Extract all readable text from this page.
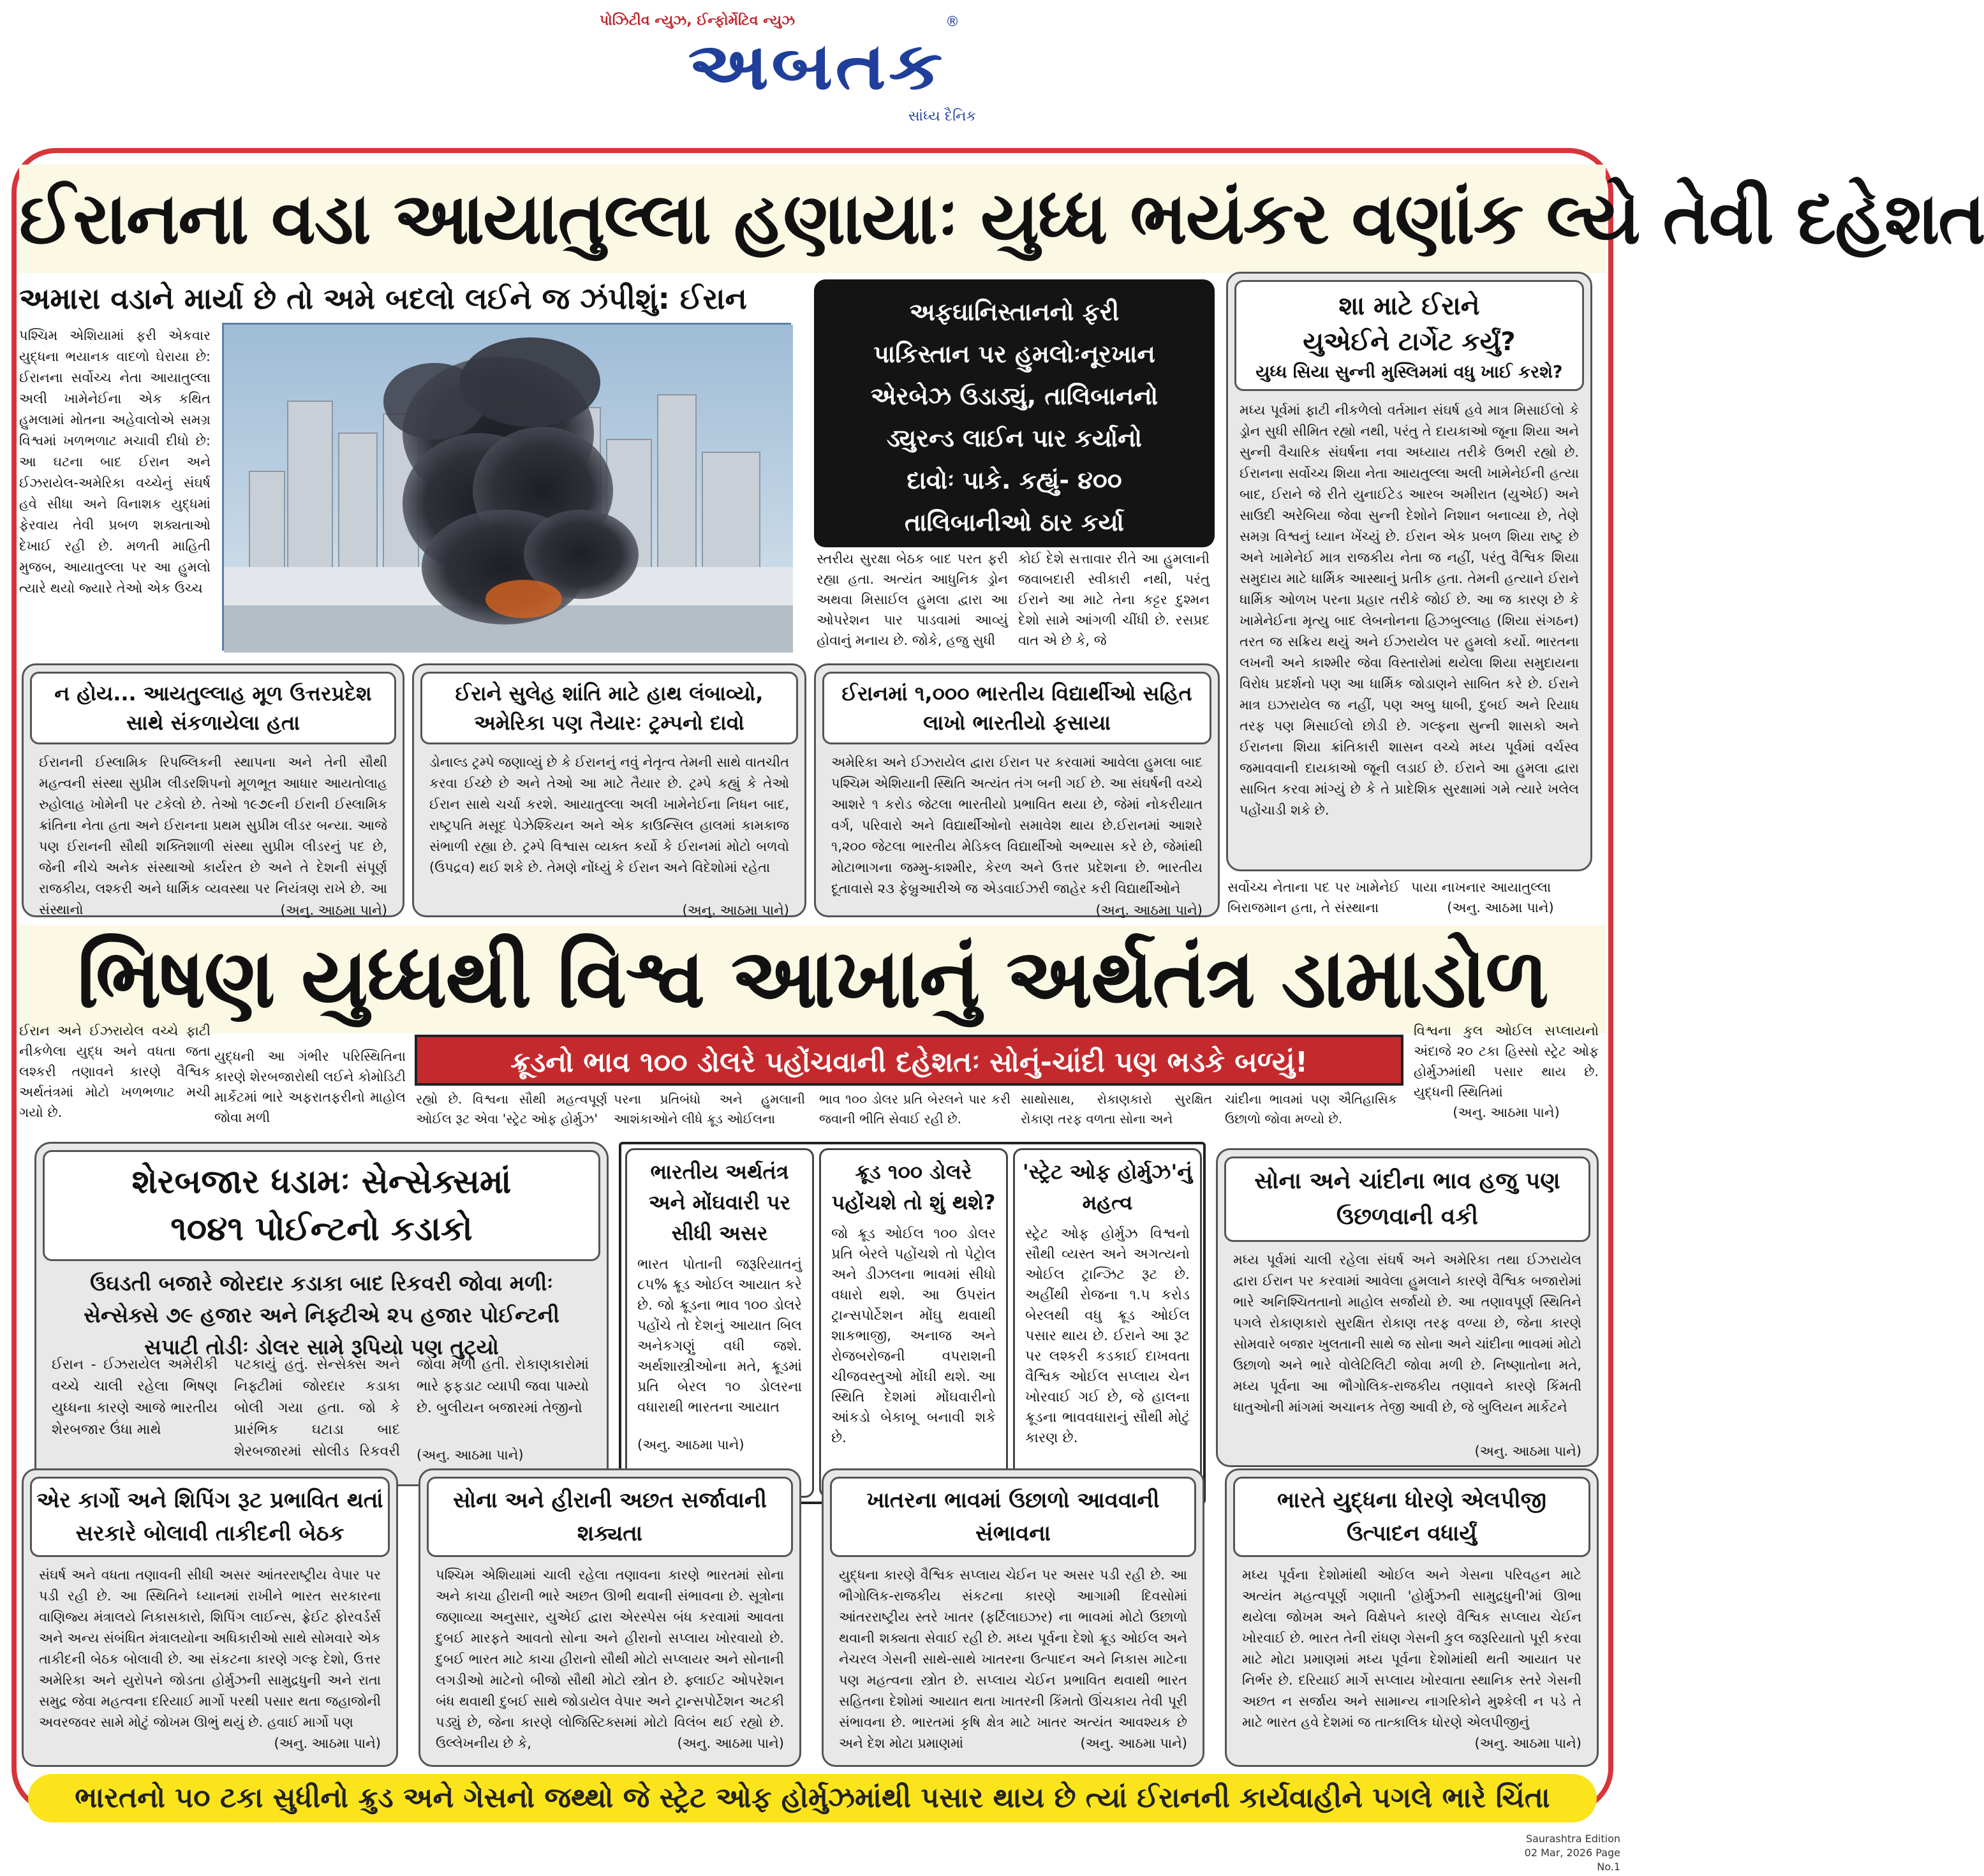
પોઝિટીવ ન્યુઝ, ઈન્ફોર્મેટિવ ન્યુઝ
અબતક
®
સાંધ્ય દૈનિક
ઈરાનના વડા આયાતુલ્લા હણાયાઃ યુધ્ધ ભયંકર વણાંક લ્યે તેવી દહેશત
અમારા વડાને માર્યા છે તો અમે બદલો લઈને જ ઝંપીશું: ઈરાન
પશ્ચિમ એશિયામાં ફરી એકવાર યુદ્ધના ભયાનક વાદળો ઘેરાયા છે: ઈરાનના સર્વોચ્ચ નેતા આયાતુલ્લા અલી ખામેનેઈના એક કથિત હુમલામાં મોતના અહેવાલોએ સમગ્ર વિશ્વમાં ખળભળાટ મચાવી દીધો છે: આ ઘટના બાદ ઈરાન અને ઈઝરાયેલ-અમેરિકા વચ્ચેનું સંઘર્ષ હવે સીધા અને વિનાશક યુદ્ધમાં ફેરવાય તેવી પ્રબળ શક્યતાઓ દેખાઈ રહી છે. મળતી માહિતી મુજબ, આયાતુલ્લા પર આ હુમલો ત્યારે થયો જ્યારે તેઓ એક ઉચ્ચ
અફઘાનિસ્તાનનો ફરી
પાકિસ્તાન પર હુમલોઃનૂરખાન
એરબેઝ ઉડાડ્યું, તાલિબાનનો
ડ્યુરન્ડ લાઈન પાર કર્યાનો
દાવોઃ પાકે. કહ્યું- ૪૦૦
તાલિબાનીઓ ઠાર કર્યા
સ્તરીય સુરક્ષા બેઠક બાદ પરત ફરી રહ્યા હતા. અત્યંત આધુનિક ડ્રોન અથવા મિસાઈલ હુમલા દ્વારા આ ઓપરેશન પાર પાડવામાં આવ્યું હોવાનું મનાય છે. જોકે, હજુ સુધી
કોઈ દેશે સત્તાવાર રીતે આ હુમલાની જવાબદારી સ્વીકારી નથી, પરંતુ ઈરાને આ માટે તેના કટ્ટર દુશ્મન દેશો સામે આંગળી ચીંધી છે. રસપ્રદ વાત એ છે કે, જે
શા માટે ઈરાને
યુએઈને ટાર્ગેટ કર્યું?
યુધ્ધ સિયા સુન્ની મુસ્લિમમાં વધુ ખાઈ કરશે?
મધ્ય પૂર્વમાં ફાટી નીકળેલો વર્તમાન સંઘર્ષ હવે માત્ર મિસાઈલો કે ડ્રોન સુધી સીમિત રહ્યો નથી, પરંતુ તે દાયકાઓ જૂના શિયા અને સુન્ની વૈચારિક સંઘર્ષના નવા અધ્યાય તરીકે ઉભરી રહ્યો છે. ઈરાનના સર્વોચ્ચ શિયા નેતા આયતુલ્લા અલી ખામેનેઈની હત્યા બાદ, ઈરાને જે રીતે યુનાઈટેડ આરબ અમીરાત (યુએઈ) અને સાઉદી અરેબિયા જેવા સુન્ની દેશોને નિશાન બનાવ્યા છે, તેણે સમગ્ર વિશ્વનું ધ્યાન ખેંચ્યું છે. ઈરાન એક પ્રબળ શિયા રાષ્ટ્ર છે અને ખામેનેઈ માત્ર રાજકીય નેતા જ નહીં, પરંતુ વૈશ્વિક શિયા સમુદાય માટે ધાર્મિક આસ્થાનું પ્રતીક હતા. તેમની હત્યાને ઈરાને ધાર્મિક ઓળખ પરના પ્રહાર તરીકે જોઈ છે. આ જ કારણ છે કે ખામેનેઈના મૃત્યુ બાદ લેબનોનના હિઝબુલ્લાહ (શિયા સંગઠન) તરત જ સક્રિય થયું અને ઈઝરાયેલ પર હુમલો કર્યો. ભારતના લખનૌ અને કાશ્મીર જેવા વિસ્તારોમાં થયેલા શિયા સમુદાયના વિરોધ પ્રદર્શનો પણ આ ધાર્મિક જોડાણને સાબિત કરે છે. ઈરાને માત્ર ઇઝરાયેલ જ નહીં, પણ અબુ ધાબી, દુબઈ અને રિયાધ તરફ પણ મિસાઈલો છોડી છે. ગલ્ફના સુન્ની શાસકો અને ઈરાનના શિયા ક્રાંતિકારી શાસન વચ્ચે મધ્ય પૂર્વમાં વર્ચસ્વ જમાવવાની દાયકાઓ જૂની લડાઈ છે. ઈરાને આ હુમલા દ્વારા સાબિત કરવા માંગ્યું છે કે તે પ્રાદેશિક સુરક્ષામાં ગમે ત્યારે ખલેલ પહોંચાડી શકે છે.
સર્વોચ્ચ નેતાના પદ પર ખામેનેઈ બિરાજમાન હતા, તે સંસ્થાના
પાયા નાખનાર આયાતુલ્લા
(અનુ. આઠમા પાને)
ન હોય... આયતુલ્લાહ મૂળ ઉત્તરપ્રદેશ સાથે સંકળાયેલા હતા
ઈરાનની ઈસ્લામિક રિપબ્લિકની સ્થાપના અને તેની સૌથી મહત્વની સંસ્થા સુપ્રીમ લીડરશિપનો મૂળભૂત આધાર આયતોલાહ રુહોલાહ ખોમેની પર ટકેલો છે. તેઓ ૧૯૭૯ની ઈરાની ઈસ્લામિક ક્રાંતિના નેતા હતા અને ઈરાનના પ્રથમ સુપ્રીમ લીડર બન્યા. આજે પણ ઈરાનની સૌથી શક્તિશાળી સંસ્થા સુપ્રીમ લીડરનું પદ છે, જેની નીચે અનેક સંસ્થાઓ કાર્યરત છે અને તે દેશની સંપૂર્ણ રાજકીય, લશ્કરી અને ધાર્મિક વ્યવસ્થા પર નિયંત્રણ રાખે છે. આ સંસ્થાનો	(અનુ. આઠમા પાને)
ઈરાને સુલેહ શાંતિ માટે હાથ લંબાવ્યો, અમેરિકા પણ તૈયારઃ ટ્રમ્પનો દાવો
ડોનાલ્ડ ટ્રમ્પે જણાવ્યું છે કે ઈરાનનું નવું નેતૃત્વ તેમની સાથે વાતચીત કરવા ઈચ્છે છે અને તેઓ આ માટે તૈયાર છે. ટ્રમ્પે કહ્યું કે તેઓ ઈરાન સાથે ચર્ચા કરશે. આયાતુલ્લા અલી ખામેનેઈના નિધન બાદ, રાષ્ટ્રપતિ મસૂદ પેઝેશ્કિયન અને એક કાઉન્સિલ હાલમાં કામકાજ સંભાળી રહ્યા છે. ટ્રમ્પે વિશ્વાસ વ્યક્ત કર્યો કે ઈરાનમાં મોટો બળવો (ઉપદ્રવ) થઈ શકે છે. તેમણે નોંધ્યું કે ઈરાન અને વિદેશોમાં રહેતા
(અનુ. આઠમા પાને)
ઈરાનમાં ૧,૦૦૦ ભારતીય વિદ્યાર્થીઓ સહિત લાખો ભારતીયો ફસાયા
અમેરિકા અને ઈઝરાયેલ દ્વારા ઈરાન પર કરવામાં આવેલા હુમલા બાદ પશ્ચિમ એશિયાની સ્થિતિ અત્યંત તંગ બની ગઈ છે. આ સંઘર્ષની વચ્ચે આશરે ૧ કરોડ જેટલા ભારતીયો પ્રભાવિત થયા છે, જેમાં નોકરીયાત વર્ગ, પરિવારો અને વિદ્યાર્થીઓનો સમાવેશ થાય છે.ઈરાનમાં આશરે ૧,૨૦૦ જેટલા ભારતીય મેડિકલ વિદ્યાર્થીઓ અભ્યાસ કરે છે, જેમાંથી મોટાભાગના જમ્મુ-કાશ્મીર, કેરળ અને ઉત્તર પ્રદેશના છે. ભારતીય દૂતાવાસે ૨૩ ફેબ્રુઆરીએ જ એડવાઈઝરી જાહેર કરી વિદ્યાર્થીઓને
(અનુ. આઠમા પાને)
ભિષણ યુધ્ધથી વિશ્વ આખાનું અર્થતંત્ર ડામાડોળ
ક્રૂડનો ભાવ ૧૦૦ ડોલરે પહોંચવાની દહેશતઃ સોનું-ચાંદી પણ ભડકે બળ્યું!
ઈરાન અને ઈઝરાયેલ વચ્ચે ફાટી નીકળેલા યુદ્ધ અને વધતા જતા લશ્કરી તણાવને કારણે વૈશ્વિક અર્થતંત્રમાં મોટો ખળભળાટ મચી ગયો છે.
યુદ્ધની આ ગંભીર પરિસ્થિતિના કારણે શેરબજારોથી લઈને કોમોડિટી માર્કેટમાં ભારે અફરાતફરીનો માહોલ જોવા મળી
રહ્યો છે. વિશ્વના સૌથી મહત્વપૂર્ણ ઓઈલ રૂટ એવા 'સ્ટ્રેટ ઓફ હોર્મુઝ'
પરના પ્રતિબંધો અને હુમલાની આશંકાઓને લીધે ક્રૂડ ઓઈલના
ભાવ ૧૦૦ ડોલર પ્રતિ બેરલને પાર કરી જવાની ભીતિ સેવાઈ રહી છે.
સાથોસાથ, રોકાણકારો સુરક્ષિત રોકાણ તરફ વળતા સોના અને
ચાંદીના ભાવમાં પણ ઐતિહાસિક ઉછાળો જોવા મળ્યો છે.
વિશ્વના કુલ ઓઈલ સપ્લાયનો અંદાજે ૨૦ ટકા હિસ્સો સ્ટ્રેટ ઓફ હોર્મુઝમાંથી પસાર થાય છે. યુદ્ધની સ્થિતિમાં
(અનુ. આઠમા પાને)
શેરબજાર ધડામઃ સેન્સેક્સમાં
૧૦૪૧ પોઈન્ટનો કડાકો
ઉઘડતી બજારે જોરદાર કડાકા બાદ રિકવરી જોવા મળીઃ સેન્સેક્સે ૭૯ હજાર અને નિફ્ટીએ ૨૫ હજાર પોઈન્ટની સપાટી તોડીઃ ડોલર સામે રૂપિયો પણ તુટ્યો
ઈરાન - ઈઝરાયેલ અમેરીકી વચ્ચે ચાલી રહેલા ભિષણ યુધ્ધના કારણે આજે ભારતીય શેરબજાર ઉંધા માથે
પટકાયું હતું. સેન્સેક્સ અને નિફ્ટીમાં જોરદાર કડાકા બોલી ગયા હતા. જો કે પ્રારંભિક ઘટાડા બાદ શેરબજારમાં સોલીડ રિકવરી
જોવા મળી હતી. રોકાણકારોમાં ભારે ફફડાટ વ્યાપી જવા પામ્યો છે. બુલીયન બજારમાં તેજીનો
(અનુ. આઠમા પાને)
ભારતીય અર્થતંત્ર અને મોંઘવારી પર સીધી અસર
ભારત પોતાની જરૂરિયાતનું ૮૫% ક્રૂડ ઓઈલ આયાત કરે છે. જો ક્રૂડના ભાવ ૧૦૦ ડોલરે પહોંચે તો દેશનું આયાત બિલ અનેકગણું વધી જશે. અર્થશાસ્ત્રીઓના મતે, ક્રૂડમાં પ્રતિ બેરલ ૧૦ ડોલરના વધારાથી ભારતના આયાત
(અનુ. આઠમા પાને)
ક્રૂડ ૧૦૦ ડોલરે પહોંચશે તો શું થશે?
જો ક્રૂડ ઓઈલ ૧૦૦ ડોલર પ્રતિ બેરલે પહોંચશે તો પેટ્રોલ અને ડીઝલના ભાવમાં સીધો વધારો થશે. આ ઉપરાંત ટ્રાન્સપોર્ટેશન મોંઘુ થવાથી શાકભાજી, અનાજ અને રોજબરોજની વપરાશની ચીજવસ્તુઓ મોંઘી થશે. આ સ્થિતિ દેશમાં મોંઘવારીનો આંકડો બેકાબૂ બનાવી શકે છે.
'સ્ટ્રેટ ઓફ હોર્મુઝ'નું મહત્વ
સ્ટ્રેટ ઓફ હોર્મુઝ વિશ્વનો સૌથી વ્યસ્ત અને અગત્યનો ઓઈલ ટ્રાન્ઝિટ રૂટ છે. અહીંથી રોજના ૧.૫ કરોડ બેરલથી વધુ ક્રૂડ ઓઈલ પસાર થાય છે. ઈરાને આ રૂટ પર લશ્કરી કડકાઈ દાખવતા વૈશ્વિક ઓઈલ સપ્લાય ચેન ખોરવાઈ ગઈ છે, જે હાલના ક્રૂડના ભાવવધારાનું સૌથી મોટું કારણ છે.
સોના અને ચાંદીના ભાવ હજુ પણ ઉછળવાની વકી
મધ્ય પૂર્વમાં ચાલી રહેલા સંઘર્ષ અને અમેરિકા તથા ઈઝરાયેલ દ્વારા ઈરાન પર કરવામાં આવેલા હુમલાને કારણે વૈશ્વિક બજારોમાં ભારે અનિશ્ચિતતાનો માહોલ સર્જાયો છે. આ તણાવપૂર્ણ સ્થિતિને પગલે રોકાણકારો સુરક્ષિત રોકાણ તરફ વળ્યા છે, જેના કારણે સોમવારે બજાર ખુલતાની સાથે જ સોના અને ચાંદીના ભાવમાં મોટો ઉછાળો અને ભારે વોલેટિલિટી જોવા મળી છે. નિષ્ણાતોના મતે, મધ્ય પૂર્વના આ ભૌગોલિક-રાજકીય તણાવને કારણે કિંમતી ધાતુઓની માંગમાં અચાનક તેજી આવી છે, જે બુલિયન માર્કેટને
(અનુ. આઠમા પાને)
એર કાર્ગો અને શિપિંગ રૂટ પ્રભાવિત થતાં સરકારે બોલાવી તાકીદની બેઠક
સંઘર્ષ અને વધતા તણાવની સીધી અસર આંતરરાષ્ટ્રીય વેપાર પર પડી રહી છે. આ સ્થિતિને ધ્યાનમાં રાખીને ભારત સરકારના વાણિજ્ય મંત્રાલયે નિકાસકારો, શિપિંગ લાઈન્સ, ફ્રેઈટ ફોરવર્ડર્સ અને અન્ય સંબંધિત મંત્રાલયોના અધિકારીઓ સાથે સોમવારે એક તાકીદની બેઠક બોલાવી છે. આ સંકટના કારણે ગલ્ફ દેશો, ઉત્તર અમેરિકા અને યુરોપને જોડતા હોર્મુઝની સામુદ્રધુની અને રાતા સમુદ્ર જેવા મહત્વના દરિયાઈ માર્ગો પરથી પસાર થતા જહાજોની અવરજવર સામે મોટું જોખમ ઊભું થયું છે. હવાઈ માર્ગો પણ
(અનુ. આઠમા પાને)
સોના અને હીરાની અછત સર્જાવાની શક્યતા
પશ્ચિમ એશિયામાં ચાલી રહેલા તણાવના કારણે ભારતમાં સોના અને કાચા હીરાની ભારે અછત ઊભી થવાની સંભાવના છે. સૂત્રોના જણાવ્યા અનુસાર, યુએઈ દ્વારા એરસ્પેસ બંધ કરવામાં આવતા દુબઈ મારફતે આવતો સોના અને હીરાનો સપ્લાય ખોરવાયો છે. દુબઈ ભારત માટે કાચા હીરાનો સૌથી મોટો સપ્લાયર અને સોનાની લગડીઓ માટેનો બીજો સૌથી મોટો સ્ત્રોત છે. ફ્લાઈટ ઓપરેશન બંધ થવાથી દુબઈ સાથે જોડાયેલ વેપાર અને ટ્રાન્સપોર્ટેશન અટકી પડ્યું છે, જેના કારણે લોજિસ્ટિક્સમાં મોટો વિલંબ થઈ રહ્યો છે. ઉલ્લેખનીય છે કે,	(અનુ. આઠમા પાને)
ખાતરના ભાવમાં ઉછાળો આવવાની સંભાવના
યુદ્ધના કારણે વૈશ્વિક સપ્લાય ચેઈન પર અસર પડી રહી છે. આ ભૌગોલિક-રાજકીય સંકટના કારણે આગામી દિવસોમાં આંતરરાષ્ટ્રીય સ્તરે ખાતર (ફર્ટિલાઇઝર) ના ભાવમાં મોટો ઉછાળો થવાની શક્યતા સેવાઈ રહી છે. મધ્ય પૂર્વના દેશો ક્રૂડ ઓઈલ અને નેચરલ ગેસની સાથે-સાથે ખાતરના ઉત્પાદન અને નિકાસ માટેના પણ મહત્વના સ્ત્રોત છે. સપ્લાય ચેઈન પ્રભાવિત થવાથી ભારત સહિતના દેશોમાં આયાત થતા ખાતરની કિંમતો ઊંચકાય તેવી પૂરી સંભાવના છે. ભારતમાં કૃષિ ક્ષેત્ર માટે ખાતર અત્યંત આવશ્યક છે અને દેશ મોટા પ્રમાણમાં	(અનુ. આઠમા પાને)
ભારતે યુદ્ધના ધોરણે એલપીજી ઉત્પાદન વધાર્યું
મધ્ય પૂર્વના દેશોમાંથી ઓઈલ અને ગેસના પરિવહન માટે અત્યંત મહત્વપૂર્ણ ગણાતી 'હોર્મુઝની સામુદ્રધુની'માં ઊભા થયેલા જોખમ અને વિક્ષેપને કારણે વૈશ્વિક સપ્લાય ચેઈન ખોરવાઈ છે. ભારત તેની રાંધણ ગેસની કુલ જરૂરિયાતો પૂરી કરવા માટે મોટા પ્રમાણમાં મધ્ય પૂર્વના દેશોમાંથી થતી આયાત પર નિર્ભર છે. દરિયાઈ માર્ગે સપ્લાય ખોરવાતા સ્થાનિક સ્તરે ગેસની અછત ન સર્જાય અને સામાન્ય નાગરિકોને મુશ્કેલી ન પડે તે માટે ભારત હવે દેશમાં જ તાત્કાલિક ધોરણે એલપીજીનું
(અનુ. આઠમા પાને)
ભારતનો ૫૦ ટકા સુધીનો ક્રુડ અને ગેસનો જથ્થો જે સ્ટ્રેટ ઓફ હોર્મુઝમાંથી પસાર થાય છે ત્યાં ઈરાનની કાર્યવાહીને પગલે ભારે ચિંતા
Saurashtra Edition
02 Mar, 2026 Page No.1
